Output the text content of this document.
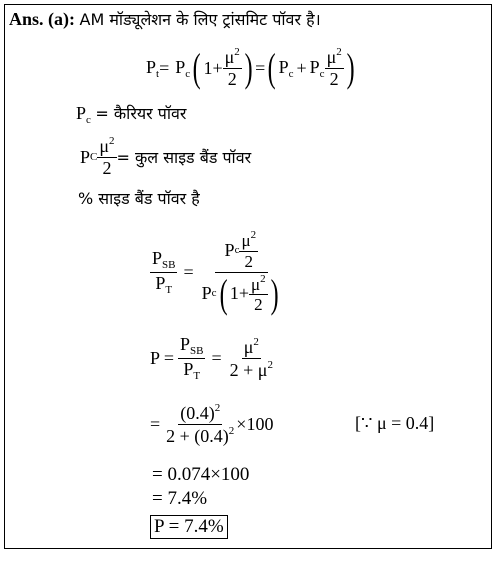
Ans. (a): AM मॉड्यूलेशन के लिए ट्रांसमिट पॉवर है।
$P_t = P_c$ ( $1+ \frac{\mu^2}{2}$ ) = ( $P_c + P_c \frac{\mu^2}{2}$ )
$P_c$ = कैरियर पॉवर
P C $\frac{\mu^2}{2}$ = कुल साइड बैंड पॉवर
% साइड बैंड पॉवर है
$\frac{P_{SB}}{P_T}$ =
P c $\frac{\mu^2}{2}$
P c ( $1+ \frac{\mu^2}{2}$ )
$P = \frac{P_{SB}}{P_T} = \frac{\mu^2}{2 + \mu^2}$
= $\frac{(0.4)^2}{2 + (0.4)^2} \times 100$	[∵ μ = 0.4]
= 0.074×100
= 7.4%
P = 7.4%
